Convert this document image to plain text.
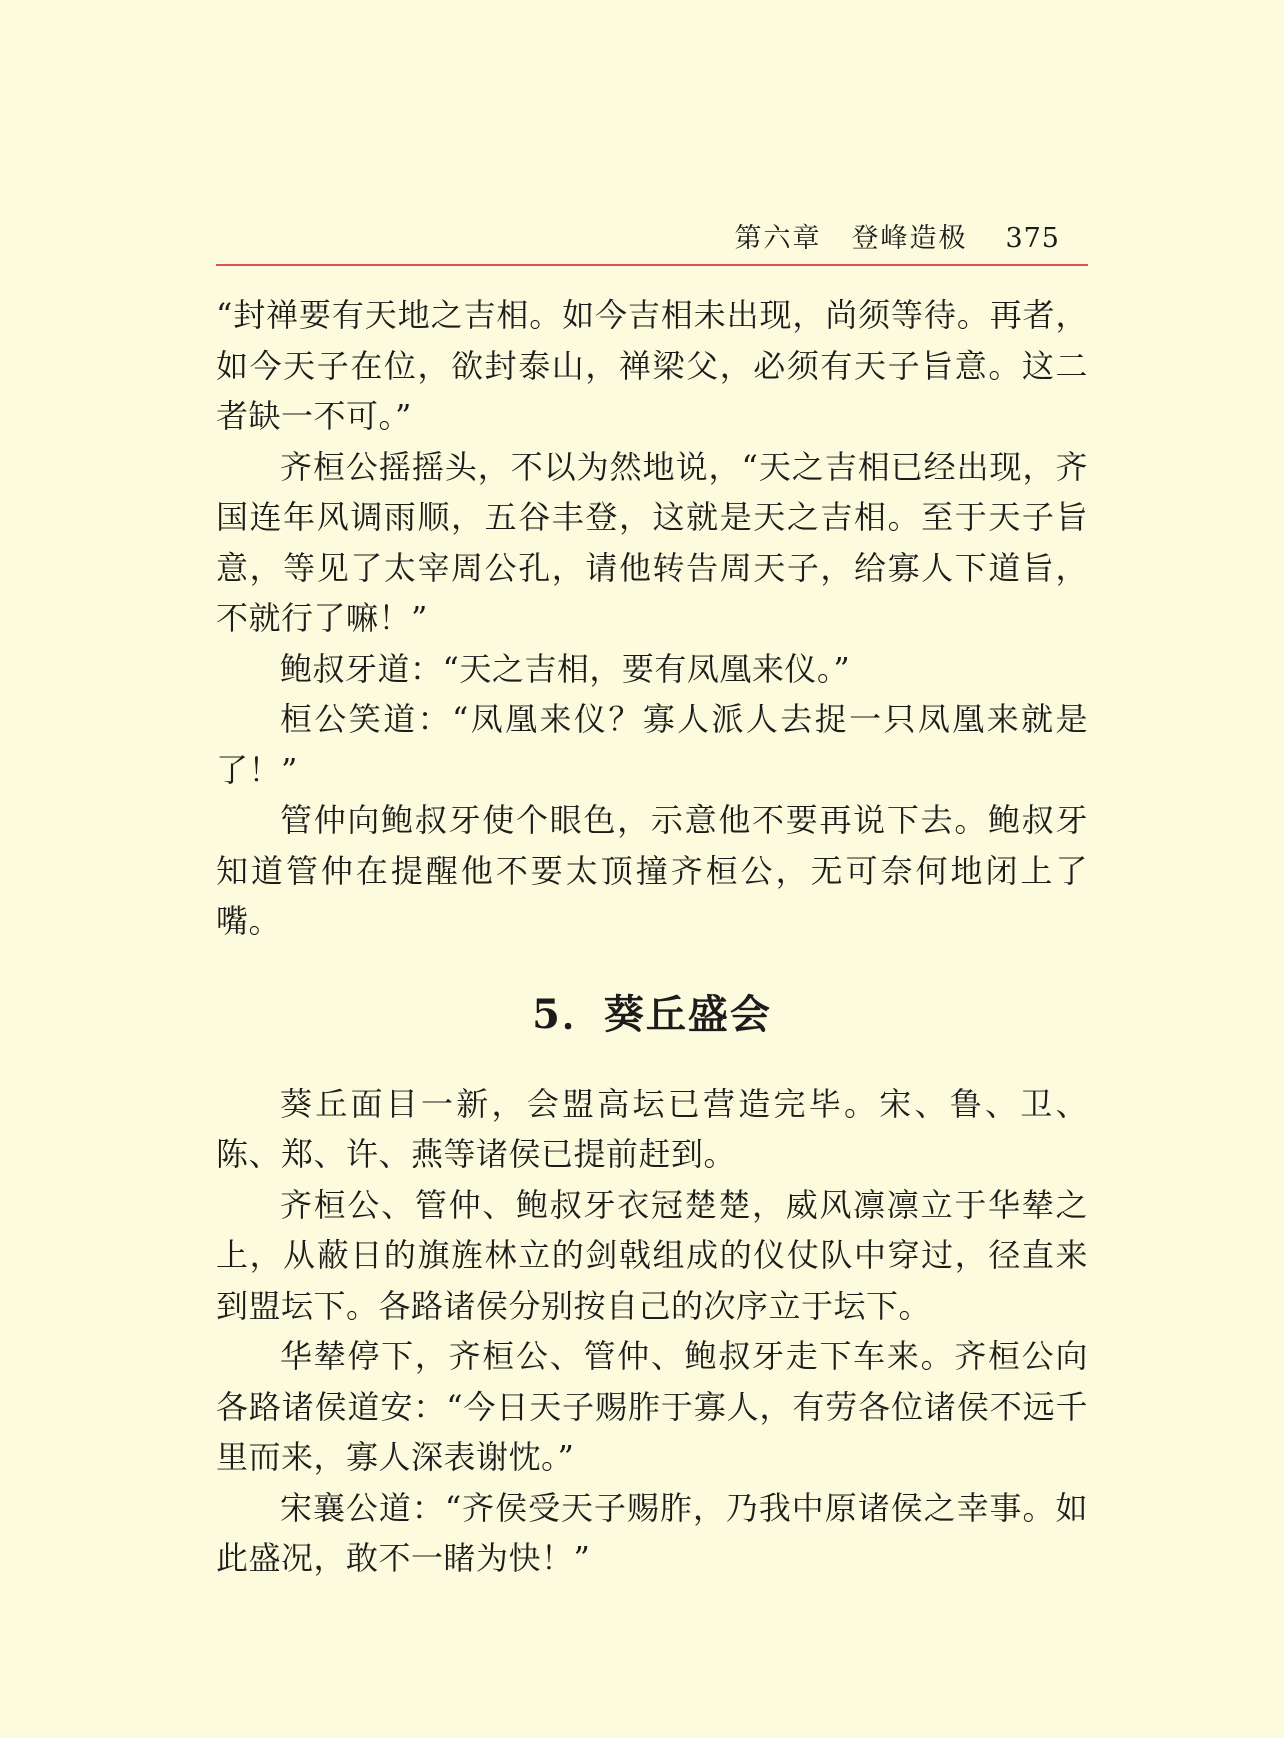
第六章 登峰造极 375

“封禅要有天地之吉相。如今吉相未出现，尚须等待。再者，如今天子在位，欲封泰山，禅梁父，必须有天子旨意。这二者缺一不可。”

齐桓公摇摇头，不以为然地说，“天之吉相已经出现，齐国连年风调雨顺，五谷丰登，这就是天之吉相。至于天子旨意，等见了太宰周公孔，请他转告周天子，给寡人下道旨，不就行了嘛！”

鲍叔牙道：“天之吉相，要有凤凰来仪。”

桓公笑道：“凤凰来仪？寡人派人去捉一只凤凰来就是了！”

管仲向鲍叔牙使个眼色，示意他不要再说下去。鲍叔牙知道管仲在提醒他不要太顶撞齐桓公，无可奈何地闭上了嘴。

5．葵丘盛会

葵丘面目一新，会盟高坛已营造完毕。宋、鲁、卫、陈、郑、许、燕等诸侯已提前赶到。

齐桓公、管仲、鲍叔牙衣冠楚楚，威风凛凛立于华辇之上，从蔽日的旗旌林立的剑戟组成的仪仗队中穿过，径直来到盟坛下。各路诸侯分别按自己的次序立于坛下。

华辇停下，齐桓公、管仲、鲍叔牙走下车来。齐桓公向各路诸侯道安：“今日天子赐胙于寡人，有劳各位诸侯不远千里而来，寡人深表谢忱。”

宋襄公道：“齐侯受天子赐胙，乃我中原诸侯之幸事。如此盛况，敢不一睹为快！”
